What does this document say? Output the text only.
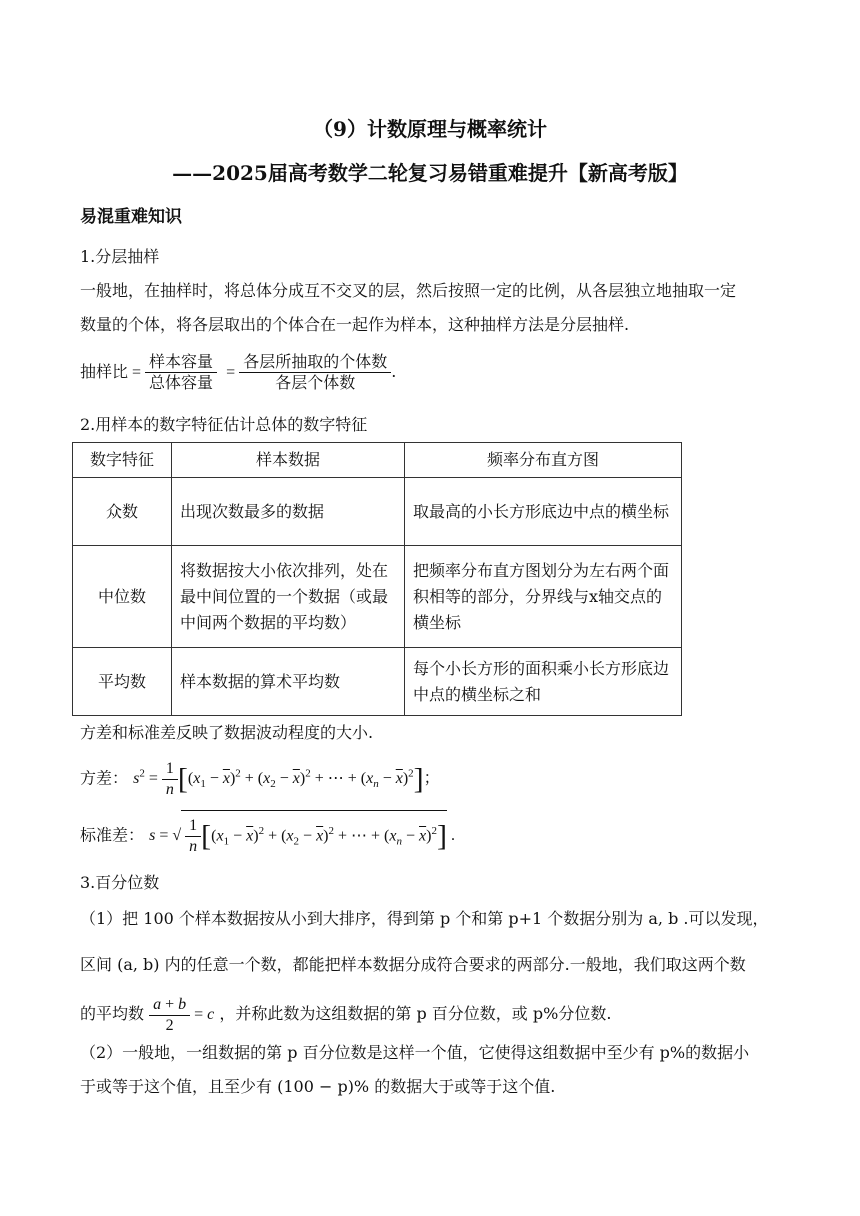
（9）计数原理与概率统计
——2025届高考数学二轮复习易错重难提升【新高考版】
易混重难知识
1.分层抽样
一般地，在抽样时，将总体分成互不交叉的层，然后按照一定的比例，从各层独立地抽取一定
数量的个体，将各层取出的个体合在一起作为样本，这种抽样方法是分层抽样.
抽样比 = $\frac{\text{样本容量}}{\text{总体容量}} = \frac{\text{各层所抽取的个体数}}{\text{各层个体数}}$ .
2.用样本的数字特征估计总体的数字特征
数字特征	样本数据	频率分布直方图
众数	出现次数最多的数据	取最高的小长方形底边中点的横坐标
中位数	将数据按大小依次排列，处在最中间位置的一个数据（或最中间两个数据的平均数）	把频率分布直方图划分为左右两个面积相等的部分，分界线与x轴交点的横坐标
平均数	样本数据的算术平均数	每个小长方形的面积乘小长方形底边中点的横坐标之和
方差和标准差反映了数据波动程度的大小.
方差： $s^2 = \frac{1}{n} [(x_1 - \overline{x})^2 + (x_2 - \overline{x})^2$ + ⋯ + $(x_n - \overline{x})^2$]；
标准差： s = √ $\frac{1}{n} [(x_1 - \overline{x})^2 + (x_2 - \overline{x})^2$ + ⋯ + $(x_n - \overline{x})^2$] .
3.百分位数
（1）把 100 个样本数据按从小到大排序，得到第 p 个和第 p+1 个数据分别为 a, b .可以发现，
区间 (a, b) 内的任意一个数，都能把样本数据分成符合要求的两部分.一般地，我们取这两个数
的平均数 $\frac{a + b}{2} = c$ ，并称此数为这组数据的第 p 百分位数，或 p%分位数.
（2）一般地，一组数据的第 p 百分位数是这样一个值，它使得这组数据中至少有 p%的数据小
于或等于这个值，且至少有 (100 − p)% 的数据大于或等于这个值.
